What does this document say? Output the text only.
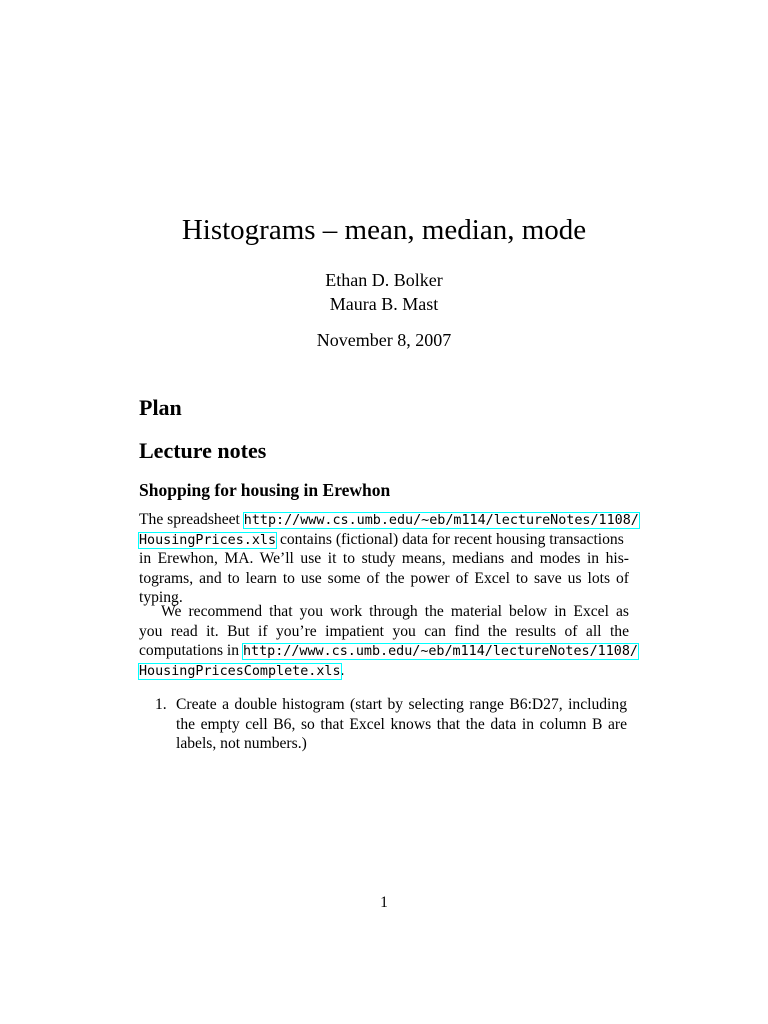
Histograms – mean, median, mode
Ethan D. Bolker
Maura B. Mast
November 8, 2007
Plan
Lecture notes
Shopping for housing in Erewhon
The spreadsheet http://www.cs.umb.edu/~eb/m114/lectureNotes/1108/
HousingPrices.xls contains (fictional) data for recent housing transactions
in Erewhon, MA. We’ll use it to study means, medians and modes in his-
tograms, and to learn to use some of the power of Excel to save us lots of
typing.
We recommend that you work through the material below in Excel as
you read it. But if you’re impatient you can find the results of all the
computations in http://www.cs.umb.edu/~eb/m114/lectureNotes/1108/
HousingPricesComplete.xls.
1. Create a double histogram (start by selecting range B6:D27, including
the empty cell B6, so that Excel knows that the data in column B are
labels, not numbers.)
1
